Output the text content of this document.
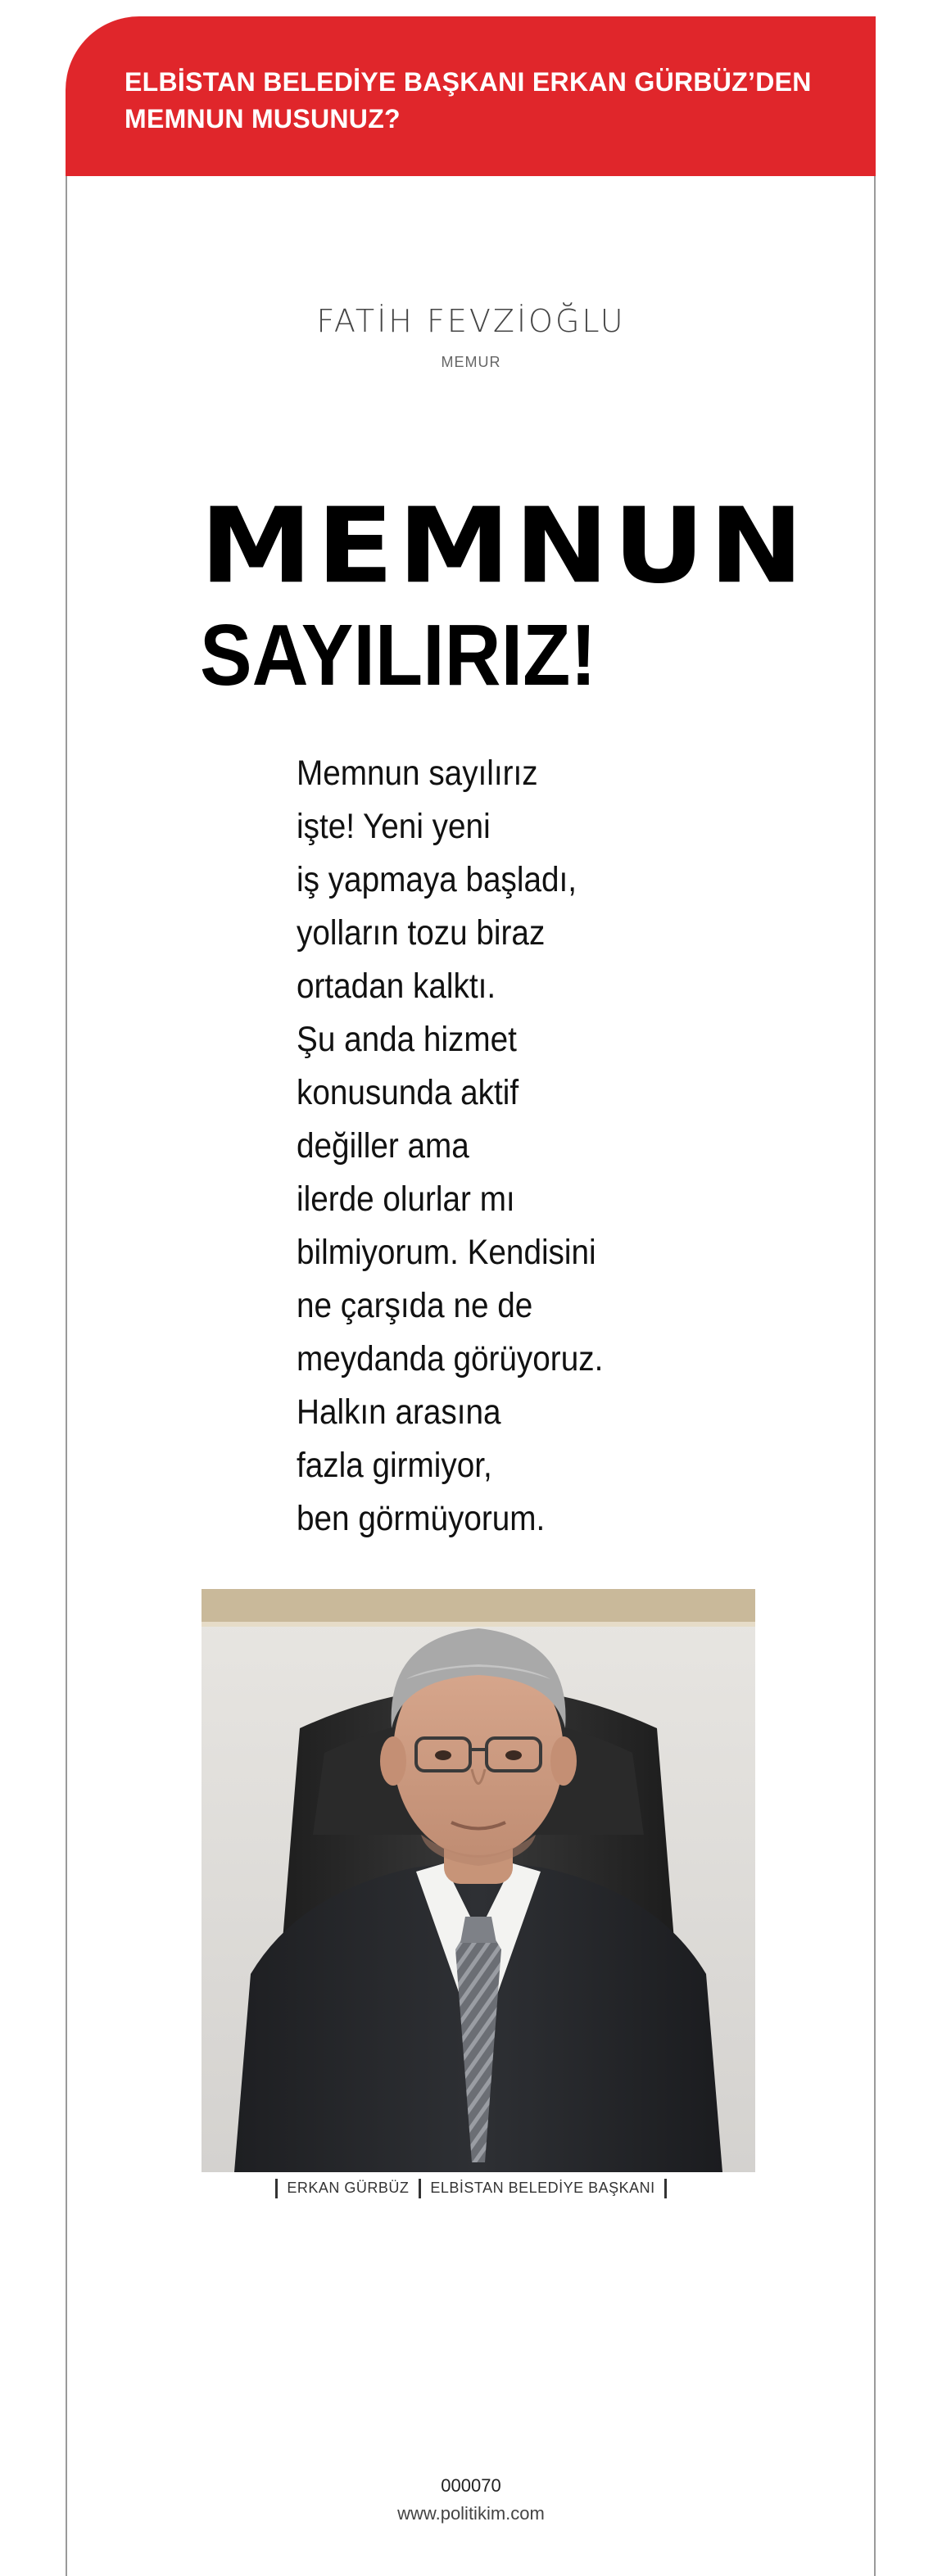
ELBİSTAN BELEDİYE BAŞKANI ERKAN GÜRBÜZ’DEN MEMNUN MUSUNUZ?
FATİH FEVZİOĞLU
MEMUR
MEMNUN
SAYILIRIZ!

Memnun sayılırız
işte! Yeni yeni
iş yapmaya başladı,
yolların tozu biraz
ortadan kalktı.
Şu anda hizmet
konusunda aktif
değiller ama
ilerde olurlar mı
bilmiyorum. Kendisini
ne çarşıda ne de
meydanda görüyoruz.
Halkın arasına
fazla girmiyor,
ben görmüyorum.

ERKAN GÜRBÜZ ELBİSTAN BELEDİYE BAŞKANI
000070
www.politikim.com
